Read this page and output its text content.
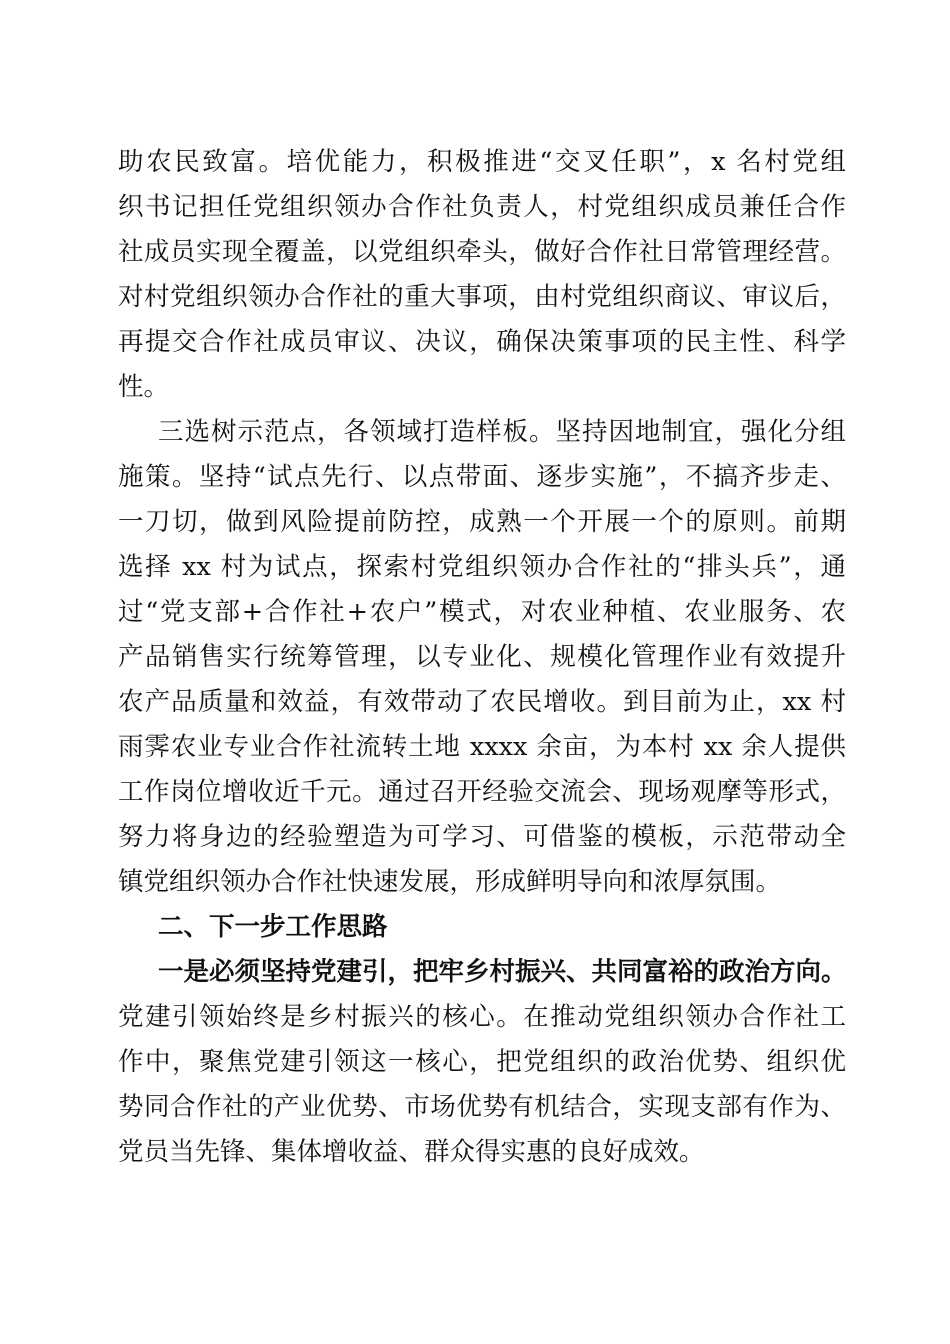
助农民致富。培优能力，积极推进“交叉任职”，x 名村党组
织书记担任党组织领办合作社负责人，村党组织成员兼任合作
社成员实现全覆盖，以党组织牵头，做好合作社日常管理经营。
对村党组织领办合作社的重大事项，由村党组织商议、审议后，
再提交合作社成员审议、决议，确保决策事项的民主性、科学
性。
三选树示范点，各领域打造样板。坚持因地制宜，强化分组
施策。坚持“试点先行、以点带面、逐步实施”，不搞齐步走、
一刀切，做到风险提前防控，成熟一个开展一个的原则。前期
选择 xx 村为试点，探索村党组织领办合作社的“排头兵”，通
过“党支部+合作社+农户”模式，对农业种植、农业服务、农
产品销售实行统筹管理，以专业化、规模化管理作业有效提升
农产品质量和效益，有效带动了农民增收。到目前为止，xx 村
雨霁农业专业合作社流转土地 xxxx 余亩，为本村 xx 余人提供
工作岗位增收近千元。通过召开经验交流会、现场观摩等形式，
努力将身边的经验塑造为可学习、可借鉴的模板，示范带动全
镇党组织领办合作社快速发展，形成鲜明导向和浓厚氛围。
二、下一步工作思路
一是必须坚持党建引，把牢乡村振兴、共同富裕的政治方向。
党建引领始终是乡村振兴的核心。在推动党组织领办合作社工
作中，聚焦党建引领这一核心，把党组织的政治优势、组织优
势同合作社的产业优势、市场优势有机结合，实现支部有作为、
党员当先锋、集体增收益、群众得实惠的良好成效。
